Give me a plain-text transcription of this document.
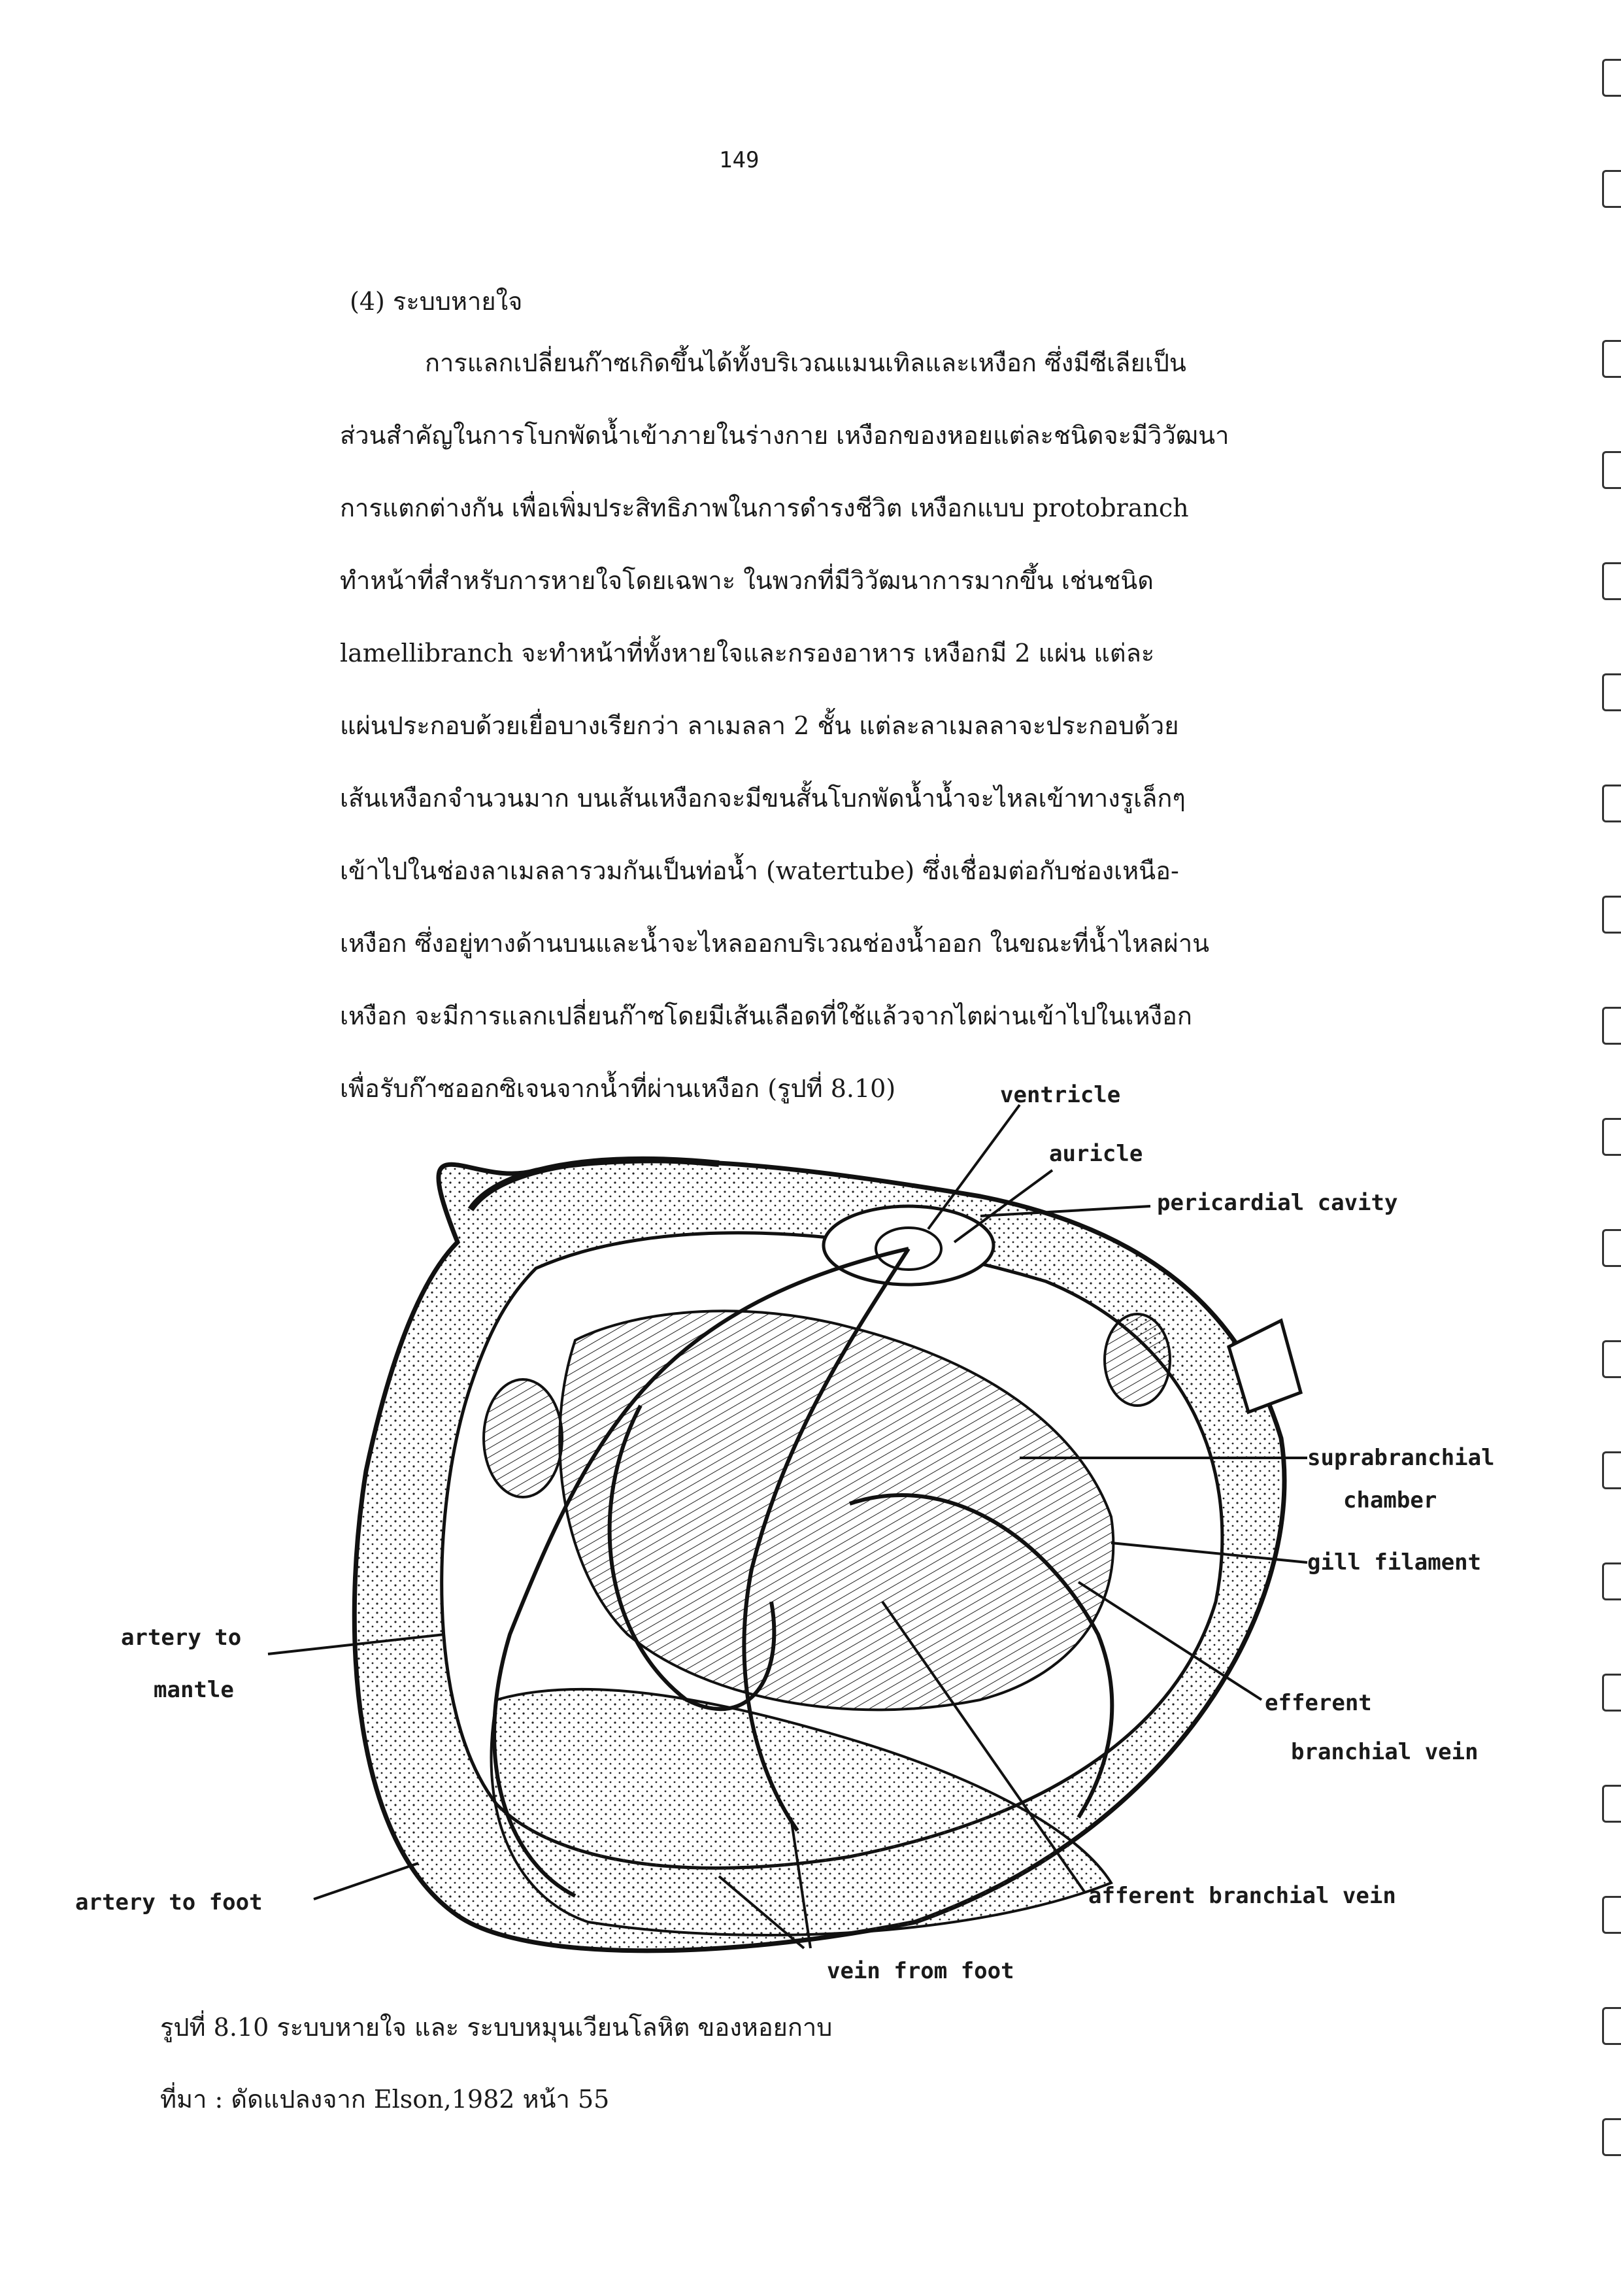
149
(4) ระบบหายใจ
การแลกเปลี่ยนก๊าซเกิดขึ้นได้ทั้งบริเวณแมนเทิลและเหงือก ซึ่งมีซีเลียเป็น
ส่วนสำคัญในการโบกพัดน้ำเข้าภายในร่างกาย เหงือกของหอยแต่ละชนิดจะมีวิวัฒนา
การแตกต่างกัน เพื่อเพิ่มประสิทธิภาพในการดำรงชีวิต เหงือกแบบ protobranch
ทำหน้าที่สำหรับการหายใจโดยเฉพาะ ในพวกที่มีวิวัฒนาการมากขึ้น เช่นชนิด
lamellibranch จะทำหน้าที่ทั้งหายใจและกรองอาหาร เหงือกมี 2 แผ่น แต่ละ
แผ่นประกอบด้วยเยื่อบางเรียกว่า ลาเมลลา 2 ชั้น แต่ละลาเมลลาจะประกอบด้วย
เส้นเหงือกจำนวนมาก บนเส้นเหงือกจะมีขนสั้นโบกพัดน้ำน้ำจะไหลเข้าทางรูเล็กๆ
เข้าไปในช่องลาเมลลารวมกันเป็นท่อน้ำ (watertube) ซึ่งเชื่อมต่อกับช่องเหนือ-
เหงือก ซึ่งอยู่ทางด้านบนและน้ำจะไหลออกบริเวณช่องน้ำออก ในขณะที่น้ำไหลผ่าน
เหงือก จะมีการแลกเปลี่ยนก๊าซโดยมีเส้นเลือดที่ใช้แล้วจากไตผ่านเข้าไปในเหงือก
เพื่อรับก๊าซออกซิเจนจากน้ำที่ผ่านเหงือก (รูปที่ 8.10)	ventricle
auricle
pericardial cavity
suprabranchial
chamber
gill filament
artery to
mantle	efferent
branchial vein
artery to foot	afferent branchial vein
vein from foot
รูปที่ 8.10 ระบบหายใจ และ ระบบหมุนเวียนโลหิต ของหอยกาบ
ที่มา : ดัดแปลงจาก Elson,1982 หน้า 55
